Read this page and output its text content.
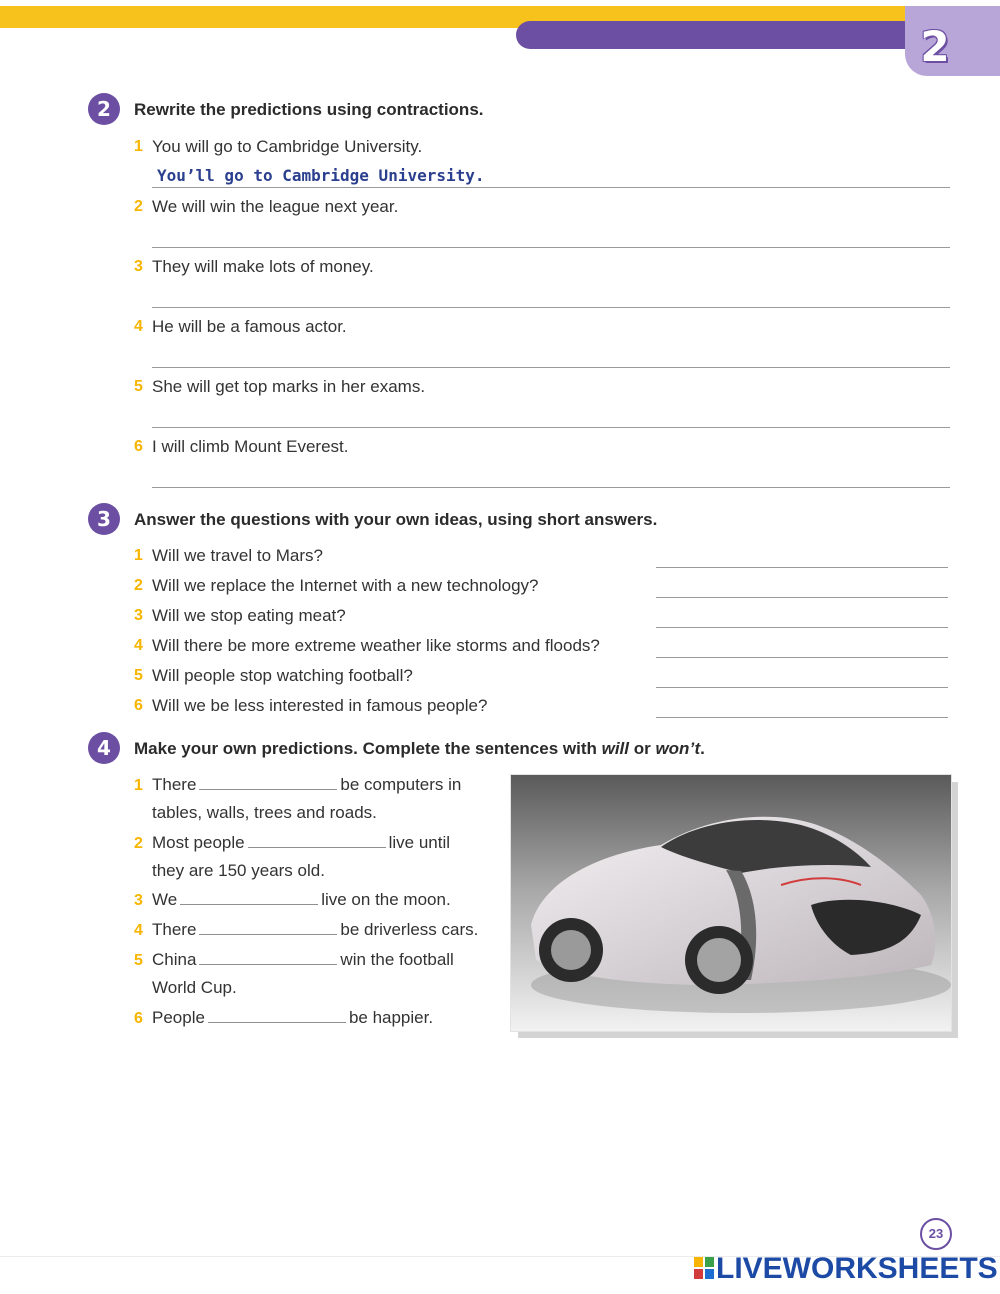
2
2	Rewrite the predictions using contractions.
1 You will go to Cambridge University.
You’ll go to Cambridge University.
2 We will win the league next year.
3 They will make lots of money.
4 He will be a famous actor.
5 She will get top marks in her exams.
6 I will climb Mount Everest.
3	Answer the questions with your own ideas, using short answers.
1 Will we travel to Mars?
2 Will we replace the Internet with a new technology?
3 Will we stop eating meat?
4 Will there be more extreme weather like storms and floods?
5 Will people stop watching football?
6 Will we be less interested in famous people?
4	Make your own predictions. Complete the sentences with will or won’t.
1 There	be computers in
tables, walls, trees and roads.
2 Most people	live until
they are 150 years old.
3 We	live on the moon.
4 There	be driverless cars.
5 China	win the football
World Cup.
6 People	be happier.
23
LIVEWORKSHEETS
